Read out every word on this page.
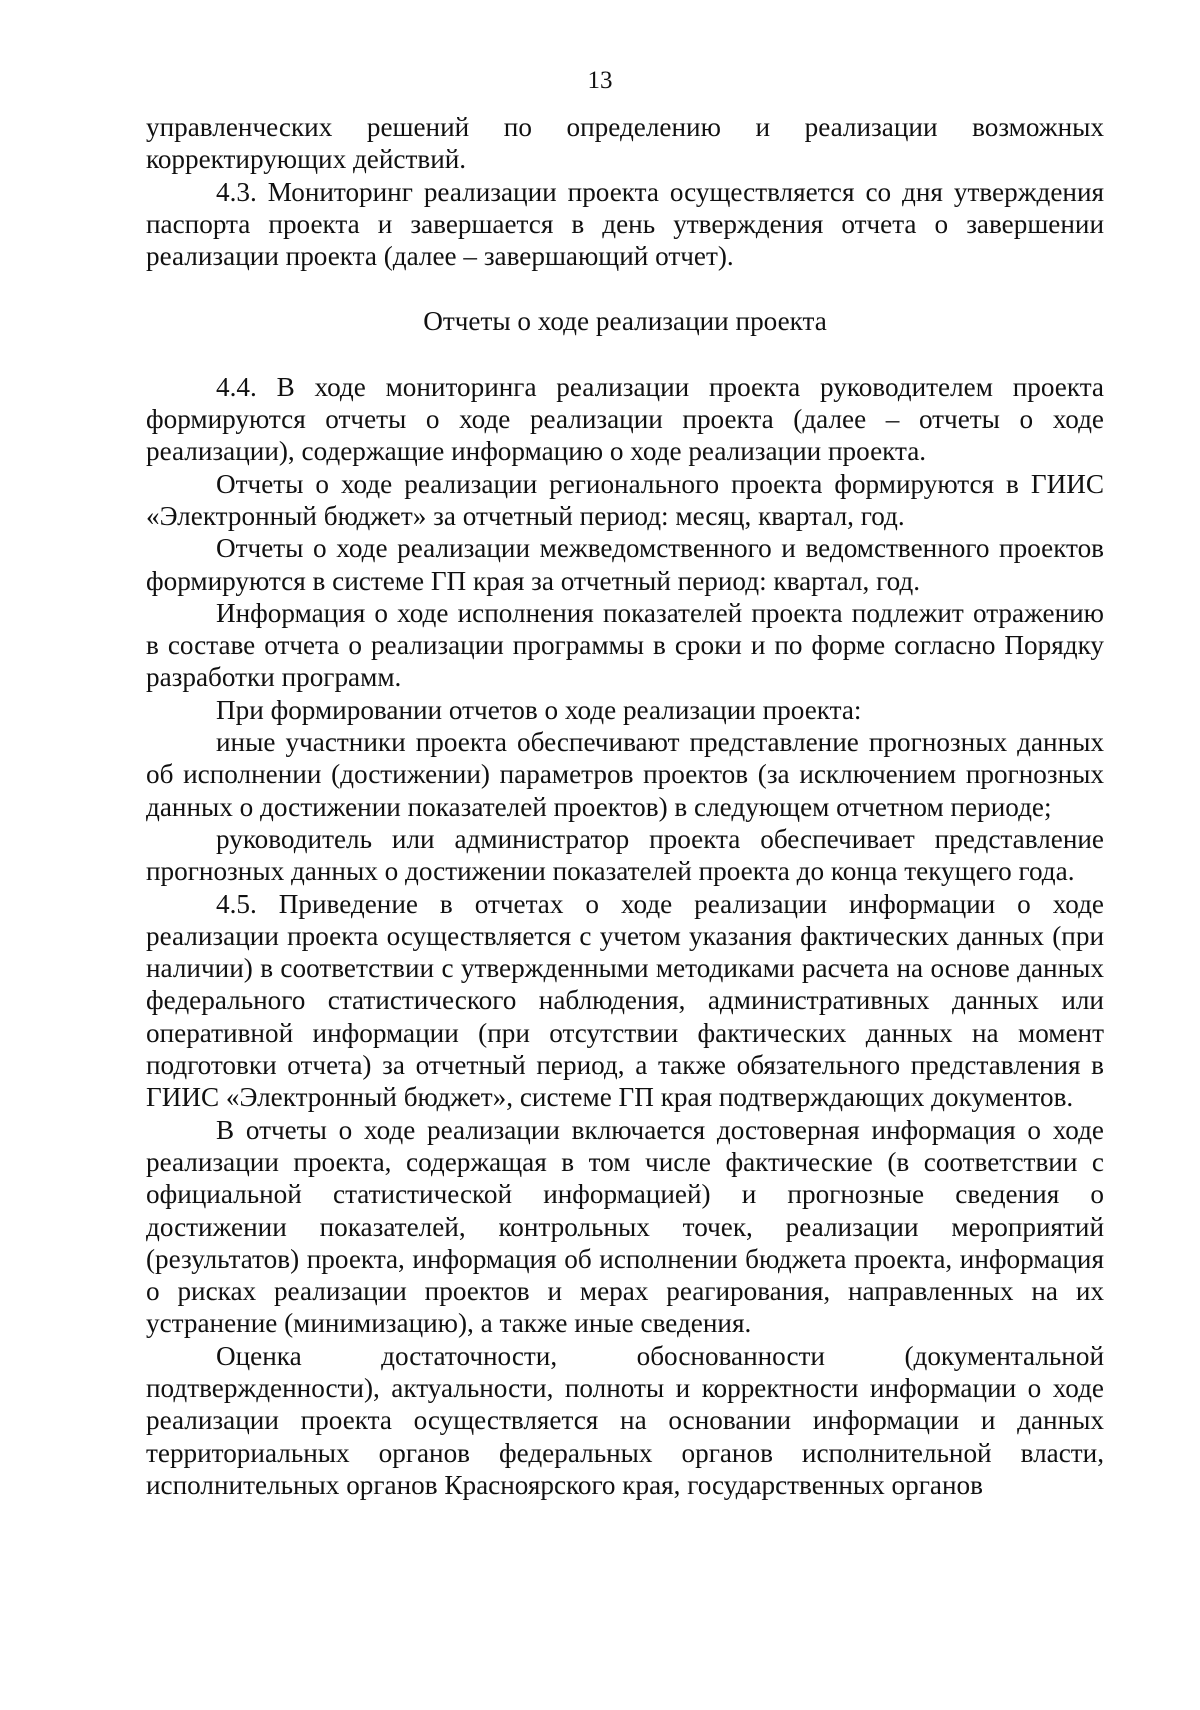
13

управленческих решений по определению и реализации возможных корректирующих действий.

4.3. Мониторинг реализации проекта осуществляется со дня утверждения паспорта проекта и завершается в день утверждения отчета о завершении реализации проекта (далее – завершающий отчет).

Отчеты о ходе реализации проекта

4.4. В ходе мониторинга реализации проекта руководителем проекта формируются отчеты о ходе реализации проекта (далее – отчеты о ходе реализации), содержащие информацию о ходе реализации проекта.

Отчеты о ходе реализации регионального проекта формируются в ГИИС «Электронный бюджет» за отчетный период: месяц, квартал, год.

Отчеты о ходе реализации межведомственного и ведомственного проектов формируются в системе ГП края за отчетный период: квартал, год.

Информация о ходе исполнения показателей проекта подлежит отражению в составе отчета о реализации программы в сроки и по форме согласно Порядку разработки программ.

При формировании отчетов о ходе реализации проекта:

иные участники проекта обеспечивают представление прогнозных данных об исполнении (достижении) параметров проектов (за исключением прогнозных данных о достижении показателей проектов) в следующем отчетном периоде;

руководитель или администратор проекта обеспечивает представление прогнозных данных о достижении показателей проекта до конца текущего года.

4.5. Приведение в отчетах о ходе реализации информации о ходе реализации проекта осуществляется с учетом указания фактических данных (при наличии) в соответствии с утвержденными методиками расчета на основе данных федерального статистического наблюдения, административных данных или оперативной информации (при отсутствии фактических данных на момент подготовки отчета) за отчетный период, а также обязательного представления в ГИИС «Электронный бюджет», системе ГП края подтверждающих документов.

В отчеты о ходе реализации включается достоверная информация о ходе реализации проекта, содержащая в том числе фактические (в соответствии с официальной статистической информацией) и прогнозные сведения о достижении показателей, контрольных точек, реализации мероприятий (результатов) проекта, информация об исполнении бюджета проекта, информация о рисках реализации проектов и мерах реагирования, направленных на их устранение (минимизацию), а также иные сведения.

Оценка достаточности, обоснованности (документальной подтвержденности), актуальности, полноты и корректности информации о ходе реализации проекта осуществляется на основании информации и данных территориальных органов федеральных органов исполнительной власти, исполнительных органов Красноярского края, государственных органов
